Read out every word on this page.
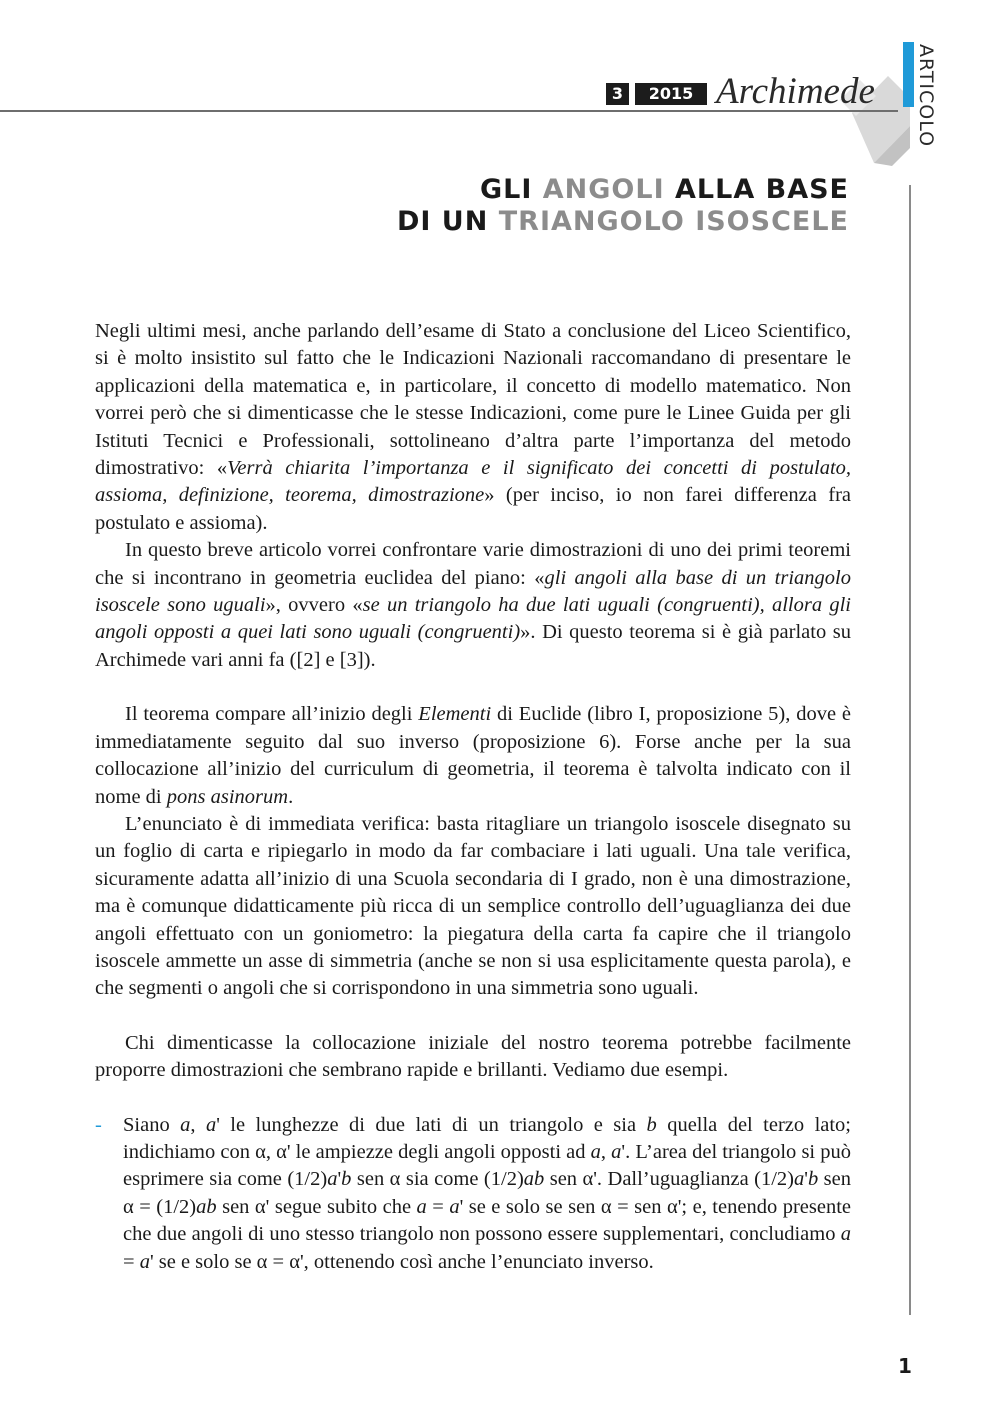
3	2015 Archimede ARTICOLO
GLI ANGOLI ALLA BASE
DI UN TRIANGOLO ISOSCELE

Negli ultimi mesi, anche parlando dell’esame di Stato a conclusione del Liceo Scientifico, si è molto insistito sul fatto che le Indicazioni Nazionali raccomandano di presentare le applicazioni della matematica e, in particolare, il concetto di modello matematico. Non vorrei però che si dimenticasse che le stesse Indicazioni, come pure le Linee Guida per gli Istituti Tecnici e Professionali, sottolineano d’altra parte l’importanza del metodo dimostrativo: «Verrà chiarita l’importanza e il significato dei concetti di postulato, assioma, definizione, teorema, dimostrazione» (per inciso, io non farei differenza fra postulato e assioma).

In questo breve articolo vorrei confrontare varie dimostrazioni di uno dei primi teoremi che si incontrano in geometria euclidea del piano: «gli angoli alla base di un triangolo isoscele sono uguali», ovvero «se un triangolo ha due lati uguali (congruenti), allora gli angoli opposti a quei lati sono uguali (congruenti)». Di questo teorema si è già parlato su Archimede vari anni fa ([2] e [3]).

Il teorema compare all’inizio degli Elementi di Euclide (libro I, proposizione 5), dove è immediatamente seguito dal suo inverso (proposizione 6). Forse anche per la sua collocazione all’inizio del curriculum di geometria, il teorema è talvolta indicato con il nome di pons asinorum.

L’enunciato è di immediata verifica: basta ritagliare un triangolo isoscele disegnato su un foglio di carta e ripiegarlo in modo da far combaciare i lati uguali. Una tale verifica, sicuramente adatta all’inizio di una Scuola secondaria di I grado, non è una dimostrazione, ma è comunque didatticamente più ricca di un semplice controllo dell’uguaglianza dei due angoli effettuato con un goniometro: la piegatura della carta fa capire che il triangolo isoscele ammette un asse di simmetria (anche se non si usa esplicitamente questa parola), e che segmenti o angoli che si corrispondono in una simmetria sono uguali.

Chi dimenticasse la collocazione iniziale del nostro teorema potrebbe facilmente proporre dimostrazioni che sembrano rapide e brillanti. Vediamo due esempi.

- Siano a, a' le lunghezze di due lati di un triangolo e sia b quella del terzo lato; indichiamo con α, α' le ampiezze degli angoli opposti ad a, a'. L’area del triangolo si può esprimere sia come (1/2)a'b sen α sia come (1/2)ab sen α'. Dall’uguaglianza (1/2)a'b sen α = (1/2)ab sen α' segue subito che a = a' se e solo se sen α = sen α'; e, tenendo presente che due angoli di uno stesso triangolo non possono essere supplementari, concludiamo a = a' se e solo se α = α', ottenendo così anche l’enunciato inverso.

1
